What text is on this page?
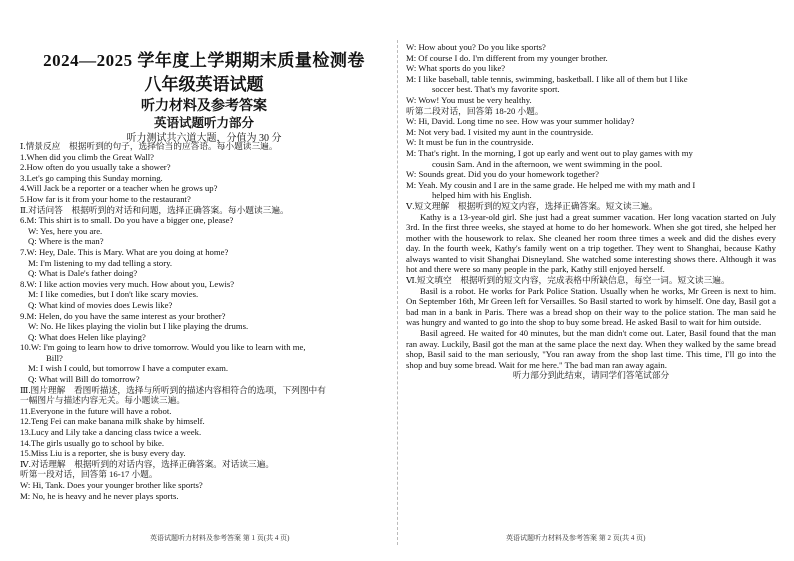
2024—2025 学年度上学期期末质量检测卷
八年级英语试题
听力材料及参考答案
英语试题听力部分
听力测试共六道大题，分值为 30 分
Ⅰ.情景反应　根据听到的句子，选择恰当的应答语。每小题读三遍。
1.When did you climb the Great Wall?
2.How often do you usually take a shower?
3.Let's go camping this Sunday morning.
4.Will Jack be a reporter or a teacher when he grows up?
5.How far is it from your home to the restaurant?
Ⅱ.对话问答　根据听到的对话和问题，选择正确答案。每小题读三遍。
6.M: This shirt is to small. Do you have a bigger one, please?
W: Yes, here you are.
Q: Where is the man?
7.W: Hey, Dale. This is Mary. What are you doing at home?
M: I'm listening to my dad telling a story.
Q: What is Dale's father doing?
8.W: I like action movies very much. How about you, Lewis?
M: I like comedies, but I don't like scary movies.
Q: What kind of movies does Lewis like?
9.M: Helen, do you have the same interest as your brother?
W: No. He likes playing the violin but I like playing the drums.
Q: What does Helen like playing?
10.W: I'm going to learn how to drive tomorrow. Would you like to learn with me,
Bill?
M: I wish I could, but tomorrow I have a computer exam.
Q: What will Bill do tomorrow?
Ⅲ.图片理解　看图听描述，选择与所听到的描述内容相符合的选项，下列图中有
一幅图片与描述内容无关。每小题读三遍。
11.Everyone in the future will have a robot.
12.Teng Fei can make banana milk shake by himself.
13.Lucy and Lily take a dancing class twice a week.
14.The girls usually go to school by bike.
15.Miss Liu is a reporter, she is busy every day.
Ⅳ.对话理解　根据听到的对话内容，选择正确答案。对话读三遍。
听第一段对话，回答第 16-17 小题。
W: Hi, Tank. Does your younger brother like sports?
M: No, he is heavy and he never plays sports.
英语试题听力材料及参考答案 第 1 页(共 4 页)
W: How about you? Do you like sports?
M: Of course I do. I'm different from my younger brother.
W: What sports do you like?
M: I like baseball, table tennis, swimming, basketball. I like all of them but I like
soccer best. That's my favorite sport.
W: Wow! You must be very healthy.
听第二段对话，回答第 18-20 小题。
W: Hi, David. Long time no see. How was your summer holiday?
M: Not very bad. I visited my aunt in the countryside.
W: It must be fun in the countryside.
M: That's right. In the morning, I got up early and went out to play games with my
cousin Sam. And in the afternoon, we went swimming in the pool.
W: Sounds great. Did you do your homework together?
M: Yeah. My cousin and I are in the same grade. He helped me with my math and I
helped him with his English.
Ⅴ.短文理解　根据听到的短文内容，选择正确答案。短文读三遍。

Kathy is a 13-year-old girl. She just had a great summer vacation. Her long vacation started on July 3rd. In the first three weeks, she stayed at home to do her homework. When she got tired, she helped her mother with the housework to relax. She cleaned her room three times a week and did the dishes every day. In the fourth week, Kathy's family went on a trip together. They went to Shanghai, because Kathy always wanted to visit Shanghai Disneyland. She watched some interesting shows there. Although it was hot and there were so many people in the park, Kathy still enjoyed herself.

Ⅵ.短文填空　根据听到的短文内容，完成表格中所缺信息，每空一词。短文读三遍。

Basil is a robot. He works for Park Police Station. Usually when he works, Mr Green is next to him. On September 16th, Mr Green left for Versailles. So Basil started to work by himself. One day, Basil got a bad man in a bank in Paris. There was a bread shop on their way to the police station. The man said he was hungry and wanted to go into the shop to buy some bread. He asked Basil to wait for him outside.

Basil agreed. He waited for 40 minutes, but the man didn't come out. Later, Basil found that the man ran away. Luckily, Basil got the man at the same place the next day. When they walked by the same bread shop, Basil said to the man seriously, "You ran away from the shop last time. This time, I'll go into the shop and buy some bread. Wait for me here." The bad man ran away again.

听力部分到此结束，请同学们答笔试部分
英语试题听力材料及参考答案 第 2 页(共 4 页)
